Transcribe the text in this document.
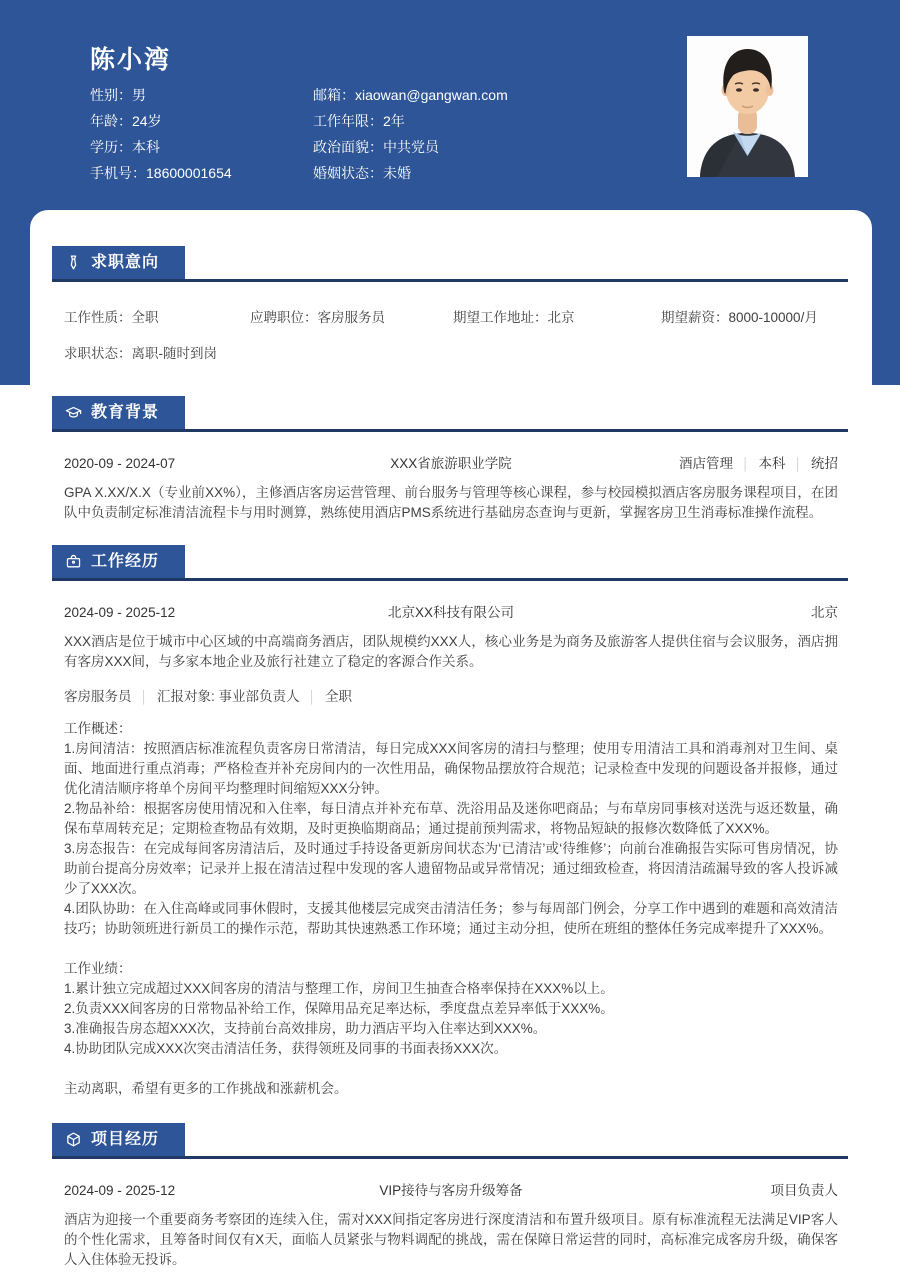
陈小湾
性别：男	邮箱：xiaowan@gangwan.com
年龄：24岁	工作年限：2年
学历：本科	政治面貌：中共党员
手机号：18600001654	婚姻状态：未婚
求职意向
工作性质：全职	应聘职位：客房服务员	期望工作地址：北京	期望薪资：8000-10000/月
求职状态：离职-随时到岗
教育背景
2020-09 - 2024-07	XXX省旅游职业学院	酒店管理 │ 本科 │ 统招
GPA X.XX/X.X（专业前XX%），主修酒店客房运营管理、前台服务与管理等核心课程，参与校园模拟酒店客房服务课程项目，在团队中负责制定标准清洁流程卡与用时测算，熟练使用酒店PMS系统进行基础房态查询与更新，掌握客房卫生消毒标准操作流程。
工作经历
2024-09 - 2025-12	北京XX科技有限公司	北京
XXX酒店是位于城市中心区域的中高端商务酒店，团队规模约XXX人，核心业务是为商务及旅游客人提供住宿与会议服务，酒店拥有客房XXX间，与多家本地企业及旅行社建立了稳定的客源合作关系。
客房服务员 │ 汇报对象: 事业部负责人 │ 全职
工作概述：
1.房间清洁：按照酒店标准流程负责客房日常清洁，每日完成XXX间客房的清扫与整理；使用专用清洁工具和消毒剂对卫生间、桌面、地面进行重点消毒；严格检查并补充房间内的一次性用品，确保物品摆放符合规范；记录检查中发现的问题设备并报修，通过优化清洁顺序将单个房间平均整理时间缩短XXX分钟。
2.物品补给：根据客房使用情况和入住率，每日清点并补充布草、洗浴用品及迷你吧商品；与布草房同事核对送洗与返还数量，确保布草周转充足；定期检查物品有效期，及时更换临期商品；通过提前预判需求，将物品短缺的报修次数降低了XXX%。
3.房态报告：在完成每间客房清洁后，及时通过手持设备更新房间状态为‘已清洁’或‘待维修’；向前台准确报告实际可售房情况，协助前台提高分房效率；记录并上报在清洁过程中发现的客人遗留物品或异常情况；通过细致检查，将因清洁疏漏导致的客人投诉减少了XXX次。
4.团队协助：在入住高峰或同事休假时，支援其他楼层完成突击清洁任务；参与每周部门例会，分享工作中遇到的难题和高效清洁技巧；协助领班进行新员工的操作示范，帮助其快速熟悉工作环境；通过主动分担，使所在班组的整体任务完成率提升了XXX%。
工作业绩：
1.累计独立完成超过XXX间客房的清洁与整理工作，房间卫生抽查合格率保持在XXX%以上。
2.负责XXX间客房的日常物品补给工作，保障用品充足率达标，季度盘点差异率低于XXX%。
3.准确报告房态超XXX次，支持前台高效排房，助力酒店平均入住率达到XXX%。
4.协助团队完成XXX次突击清洁任务，获得领班及同事的书面表扬XXX次。
主动离职，希望有更多的工作挑战和涨薪机会。
项目经历
2024-09 - 2025-12	VIP接待与客房升级筹备	项目负责人
酒店为迎接一个重要商务考察团的连续入住，需对XXX间指定客房进行深度清洁和布置升级项目。原有标准流程无法满足VIP客人的个性化需求，且筹备时间仅有X天，面临人员紧张与物料调配的挑战，需在保障日常运营的同时，高标准完成客房升级，确保客人入住体验无投诉。
